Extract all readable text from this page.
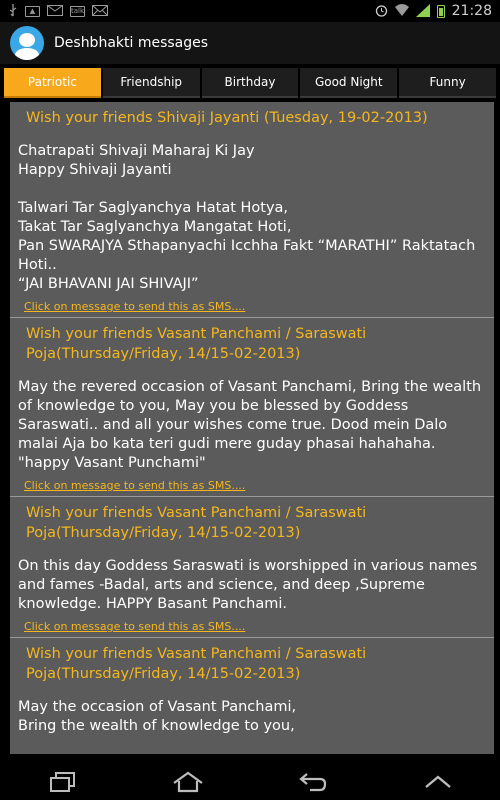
▲	talk	21:28
Deshbhakti messages
Patriotic	Friendship	Birthday	Good Night	Funny
Wish your friends Shivaji Jayanti (Tuesday, 19-02-2013)
Chatrapati Shivaji Maharaj Ki Jay
Happy Shivaji Jayanti

Talwari Tar Saglyanchya Hatat Hotya,
Takat Tar Saglyanchya Mangatat Hoti,
Pan SWARAJYA Sthapanyachi Icchha Fakt “MARATHI” Raktatach
Hoti..
“JAI BHAVANI JAI SHIVAJI”
Click on message to send this as SMS....
Wish your friends Vasant Panchami / Saraswati Poja(Thursday/Friday, 14/15-02-2013)
May the revered occasion of Vasant Panchami, Bring the wealth of knowledge to you, May you be blessed by Goddess Saraswati.. and all your wishes come true. Dood mein Dalo malai Aja bo kata teri gudi mere guday phasai hahahaha. "happy Vasant Punchami"
Click on message to send this as SMS....
Wish your friends Vasant Panchami / Saraswati Poja(Thursday/Friday, 14/15-02-2013)
On this day Goddess Saraswati is worshipped in various names and fames -Badal, arts and science, and deep ,Supreme knowledge. HAPPY Basant Panchami.
Click on message to send this as SMS....
Wish your friends Vasant Panchami / Saraswati Poja(Thursday/Friday, 14/15-02-2013)
May the occasion of Vasant Panchami,
Bring the wealth of knowledge to you,
